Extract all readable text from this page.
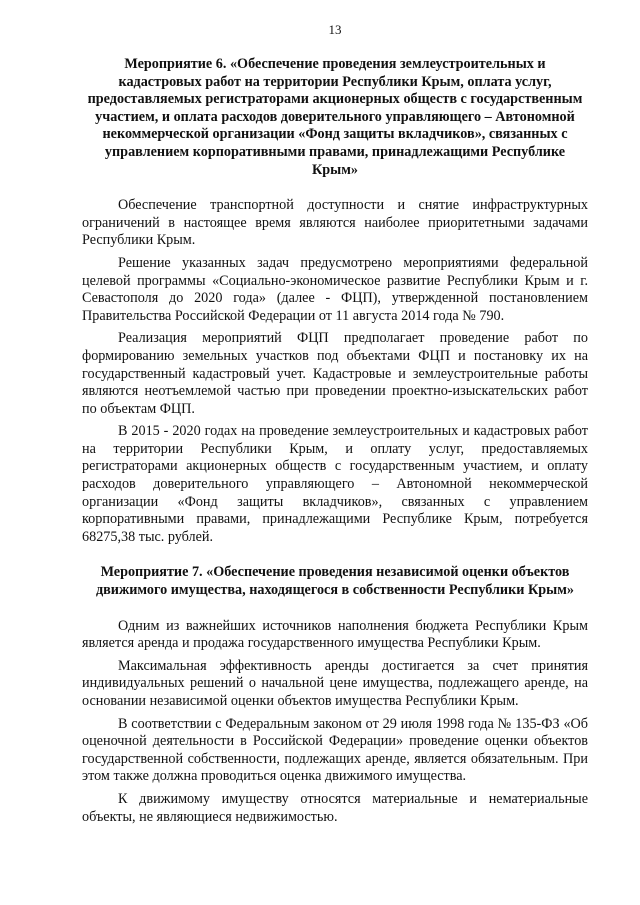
13

Мероприятие 6. «Обеспечение проведения землеустроительных и кадастровых работ на территории Республики Крым, оплата услуг, предоставляемых регистраторами акционерных обществ с государственным участием, и оплата расходов доверительного управляющего – Автономной некоммерческой организации «Фонд защиты вкладчиков», связанных с управлением корпоративными правами, принадлежащими Республике Крым»

Обеспечение транспортной доступности и снятие инфраструктурных ограничений в настоящее время являются наиболее приоритетными задачами Республики Крым.

Решение указанных задач предусмотрено мероприятиями федеральной целевой программы «Социально-экономическое развитие Республики Крым и г. Севастополя до 2020 года» (далее - ФЦП), утвержденной постановлением Правительства Российской Федерации от 11 августа 2014 года № 790.

Реализация мероприятий ФЦП предполагает проведение работ по формированию земельных участков под объектами ФЦП и постановку их на государственный кадастровый учет. Кадастровые и землеустроительные работы являются неотъемлемой частью при проведении проектно-изыскательских работ по объектам ФЦП.

В 2015 - 2020 годах на проведение землеустроительных и кадастровых работ на территории Республики Крым, и оплату услуг, предоставляемых регистраторами акционерных обществ с государственным участием, и оплату расходов доверительного управляющего – Автономной некоммерческой организации «Фонд защиты вкладчиков», связанных с управлением корпоративными правами, принадлежащими Республике Крым, потребуется 68275,38 тыс. рублей.

Мероприятие 7. «Обеспечение проведения независимой оценки объектов движимого имущества, находящегося в собственности Республики Крым»

Одним из важнейших источников наполнения бюджета Республики Крым является аренда и продажа государственного имущества Республики Крым.

Максимальная эффективность аренды достигается за счет принятия индивидуальных решений о начальной цене имущества, подлежащего аренде, на основании независимой оценки объектов имущества Республики Крым.

В соответствии с Федеральным законом от 29 июля 1998 года № 135-ФЗ «Об оценочной деятельности в Российской Федерации» проведение оценки объектов государственной собственности, подлежащих аренде, является обязательным. При этом также должна проводиться оценка движимого имущества.

К движимому имуществу относятся материальные и нематериальные объекты, не являющиеся недвижимостью.
